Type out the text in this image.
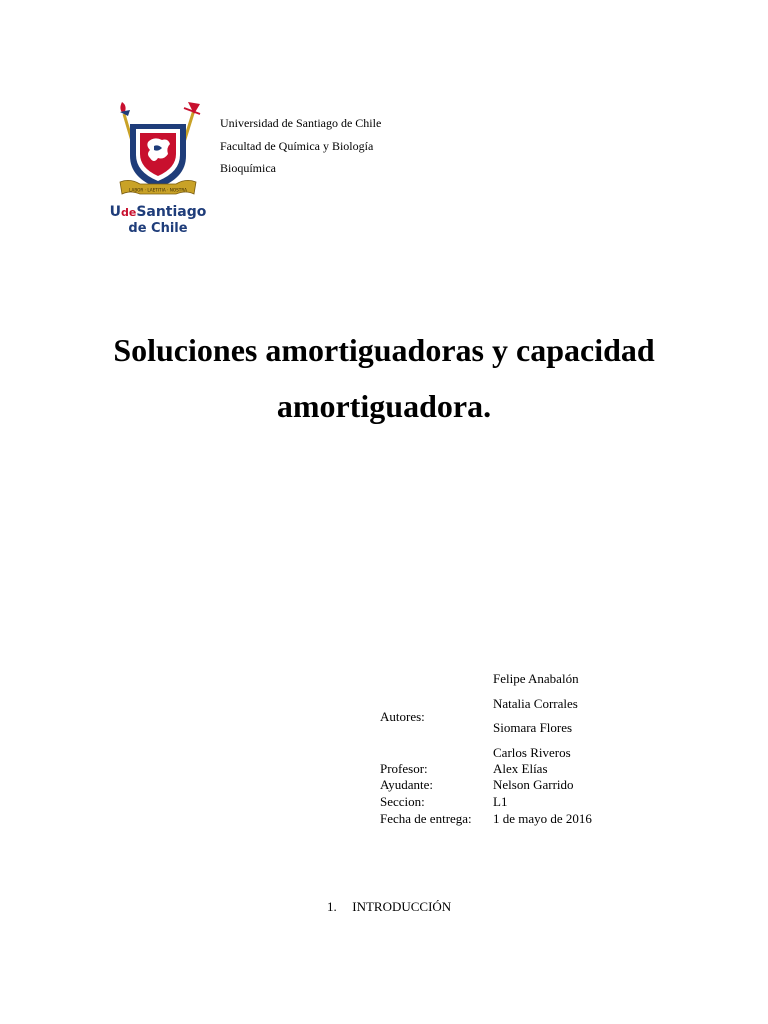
LABOR · LAETITIA · NOSTRA
UdeSantiago
de Chile
Universidad de Santiago de Chile
Facultad de Química y Biología
Bioquímica
Soluciones amortiguadoras y capacidad
amortiguadora.
Autores:
Felipe Anabalón
Natalia Corrales
Siomara Flores
Carlos Riveros
Profesor:	Alex Elías
Ayudante:	Nelson Garrido
Seccion:	L1
Fecha de entrega: 1 de mayo de 2016
1. INTRODUCCIÓN
